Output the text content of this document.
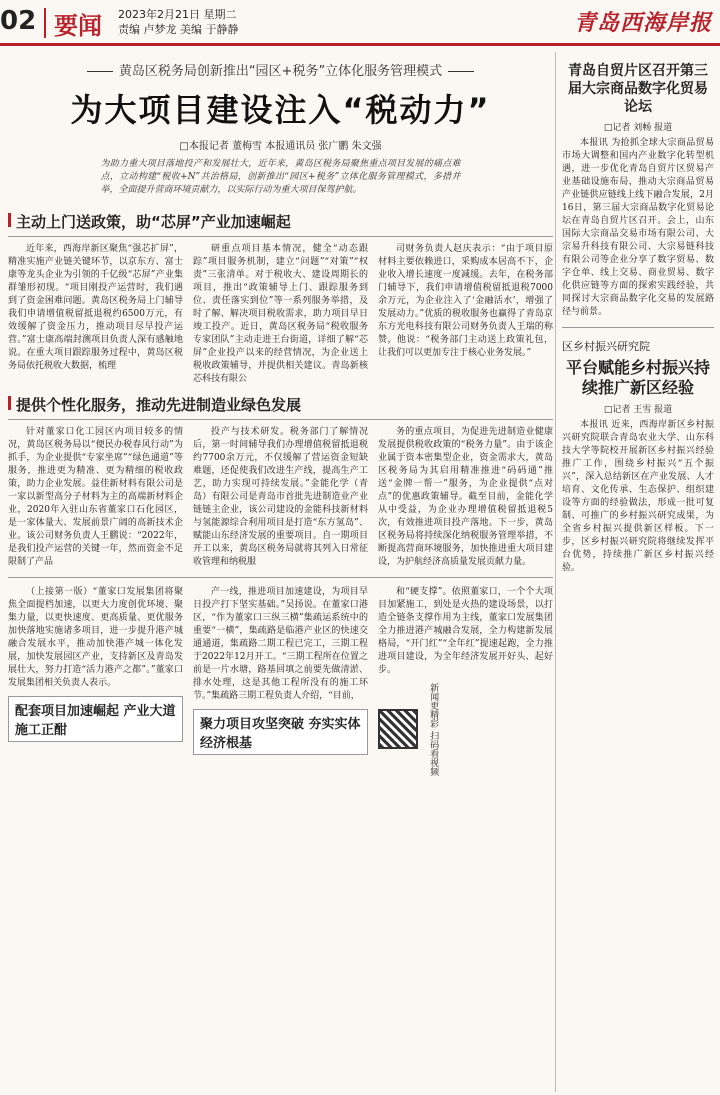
02 要闻 2023年2月21日 星期二
责编 卢梦龙 美编 于静静	青岛西海岸报
黄岛区税务局创新推出“园区+税务”立体化服务管理模式
为大项目建设注入“税动力”
□本报记者 董梅雪 本报通讯员 张广鹏 朱文强

为助力重大项目落地投产和发展壮大，近年来，黄岛区税务局聚焦重点项目发展的痛点难点，立动构建“税收+N”共治格局，创新推出“园区+税务”立体化服务管理模式，多措并举，全面提升营商环境贡献力，以实际行动为重大项目保驾护航。

主动上门送政策，助“芯屏”产业加速崛起

近年来，西海岸新区聚焦“强芯扩屏”，精准实施产业链关键环节，以京东方、富士康等龙头企业为引领的千亿级“芯屏”产业集群雏形初现。“项目刚投产运营时，我们遇到了资金困难问题。黄岛区税务局上门辅导我们申请增值税留抵退税约6500万元，有效缓解了资金压力，推动项目尽早投产运营。”富士康高端封测项目负责人深有感触地说。在重大项目跟踪服务过程中，黄岛区税务局依托税收大数据，梳理

研重点项目基本情况，健全“动态跟踪”项目服务机制，建立“问题”“对策”“权责”三张清单。对于税收大、建设周期长的项目，推出“政策辅导上门、跟踪服务到位、责任落实到位”等一系列服务举措，及时了解、解决项目税收需求，助力项目早日竣工投产。近日，黄岛区税务局“税收服务专家团队”主动走进王台街道，详细了解“芯屏”企业投产以来的经营情况，为企业送上税收政策辅导，并提供相关建议。青岛新核芯科技有限公

司财务负责人赵庆表示：“由于项目原材料主要依赖进口，采购成本居高不下，企业收入增长速度一度减缓。去年，在税务部门辅导下，我们申请增值税留抵退税7000余万元，为企业注入了‘金融活水’，增强了发展动力。”优质的税收服务也赢得了青岛京东方光电科技有限公司财务负责人王瑞的称赞，他说：“税务部门主动送上政策礼包，让我们可以更加专注于核心业务发展。”

提供个性化服务，推动先进制造业绿色发展

针对董家口化工园区内项目较多的情况，黄岛区税务局以“便民办税春风行动”为抓手，为企业提供“专家坐席”“绿色通道”等服务，推进更为精准、更为精细的税收政策，助力企业发展。益佳新材料有限公司是一家以新型高分子材料为主的高端新材料企业，2020年入驻山东省董家口石化园区，是一家体量大、发展前景广阔的高新技术企业。该公司财务负责人王鹏说：“2022年，是我们投产运营的关键一年，然而资金不足限制了产品

投产与技术研发。税务部门了解情况后，第一时间辅导我们办理增值税留抵退税约7700余万元，不仅缓解了营运资金短缺难题，还促使我们改进生产线，提高生产工艺，助力实现可持续发展。”金能化学（青岛）有限公司是青岛市首批先进制造业产业链链主企业，该公司建设的金能科技新材料与氢能源综合利用项目是打造“东方氢岛”、赋能山东经济发展的重要项目。自一期项目开工以来，黄岛区税务局就将其列入日常征收管理和纳税服

务的重点项目，为促进先进制造业健康发展提供税收政策的“税务力量”。由于该企业属于资本密集型企业，资金需求大，黄岛区税务局为其启用精准推进“码码通”推送“金牌一帮一”服务，为企业提供“点对点”的优惠政策辅导。截至目前，金能化学从中受益，为企业办理增值税留抵退税5次，有效推进项目投产落地。下一步，黄岛区税务局将持续深化纳税服务管理举措，不断提高营商环境服务，加快推进重大项目建设，为护航经济高质量发展贡献力量。

（上接第一版）“董家口发展集团将聚焦全面提档加速，以更大力度创优环境、聚集力量，以更快速度、更高质量、更优服务加快落地实施诸多项目，进一步提升港产城融合发展水平，推动加快港产城一体化发展，加快发展园区产业，支持新区及青岛发展壮大，努力打造“活力港产之都”。”董家口发展集团相关负责人表示。

配套项目加速崛起 产业大道施工正酣

产一线，推进项目加速建设，为项目早日投产打下坚实基础。”吴扬说。在董家口港区，“作为董家口三纵三横”集疏运系统中的重要“一横”，集疏路是临港产业区的快速交通通道，集疏路二期工程已完工，三期工程于2022年12月开工。“三期工程所在位置之前是一片水塘，路基回填之前要先做清淤、排水处理，这是其他工程所没有的施工环节。”集疏路三期工程负责人介绍，“目前，

聚力项目攻坚突破 夯实实体经济根基

和“硬支撑”。依照董家口，一个个大项目加紧施工，到处是火热的建设场景，以打造全链条支撑作用为主线，董家口发展集团全力推进港产城融合发展，全力构建新发展格局，“开门红”“全年红”提速起跑，全力推进项目建设，为全年经济发展开好头、起好步。

新闻更精彩 扫码看视频
青岛自贸片区召开第三届大宗商品数字化贸易论坛
□记者 刘畅 报道

本报讯 为抢抓全球大宗商品贸易市场大调整和国内产业数字化转型机遇，进一步优化青岛自贸片区贸易产业基础设施布局，推动大宗商品贸易产业链供应链线上线下融合发展，2月16日，第三届大宗商品数字化贸易论坛在青岛自贸片区召开。会上，山东国际大宗商品交易市场有限公司、大宗易升科技有限公司、大宗易链科技有限公司等企业分享了数字贸易、数字仓单、线上交易、商业贸易、数字化供应链等方面的探索实践经验，共同探讨大宗商品数字化交易的发展路径与前景。

区乡村振兴研究院
平台赋能乡村振兴持续推广新区经验
□记者 王雪 报道

本报讯 近来，西海岸新区乡村振兴研究院联合青岛农业大学、山东科技大学等院校开展新区乡村振兴经验推广工作，围绕乡村振兴“五个振兴”，深入总结新区在产业发展、人才培育、文化传承、生态保护、组织建设等方面的经验做法，形成一批可复制、可推广的乡村振兴研究成果，为全省乡村振兴提供新区样板。下一步，区乡村振兴研究院将继续发挥平台优势，持续推广新区乡村振兴经验。
